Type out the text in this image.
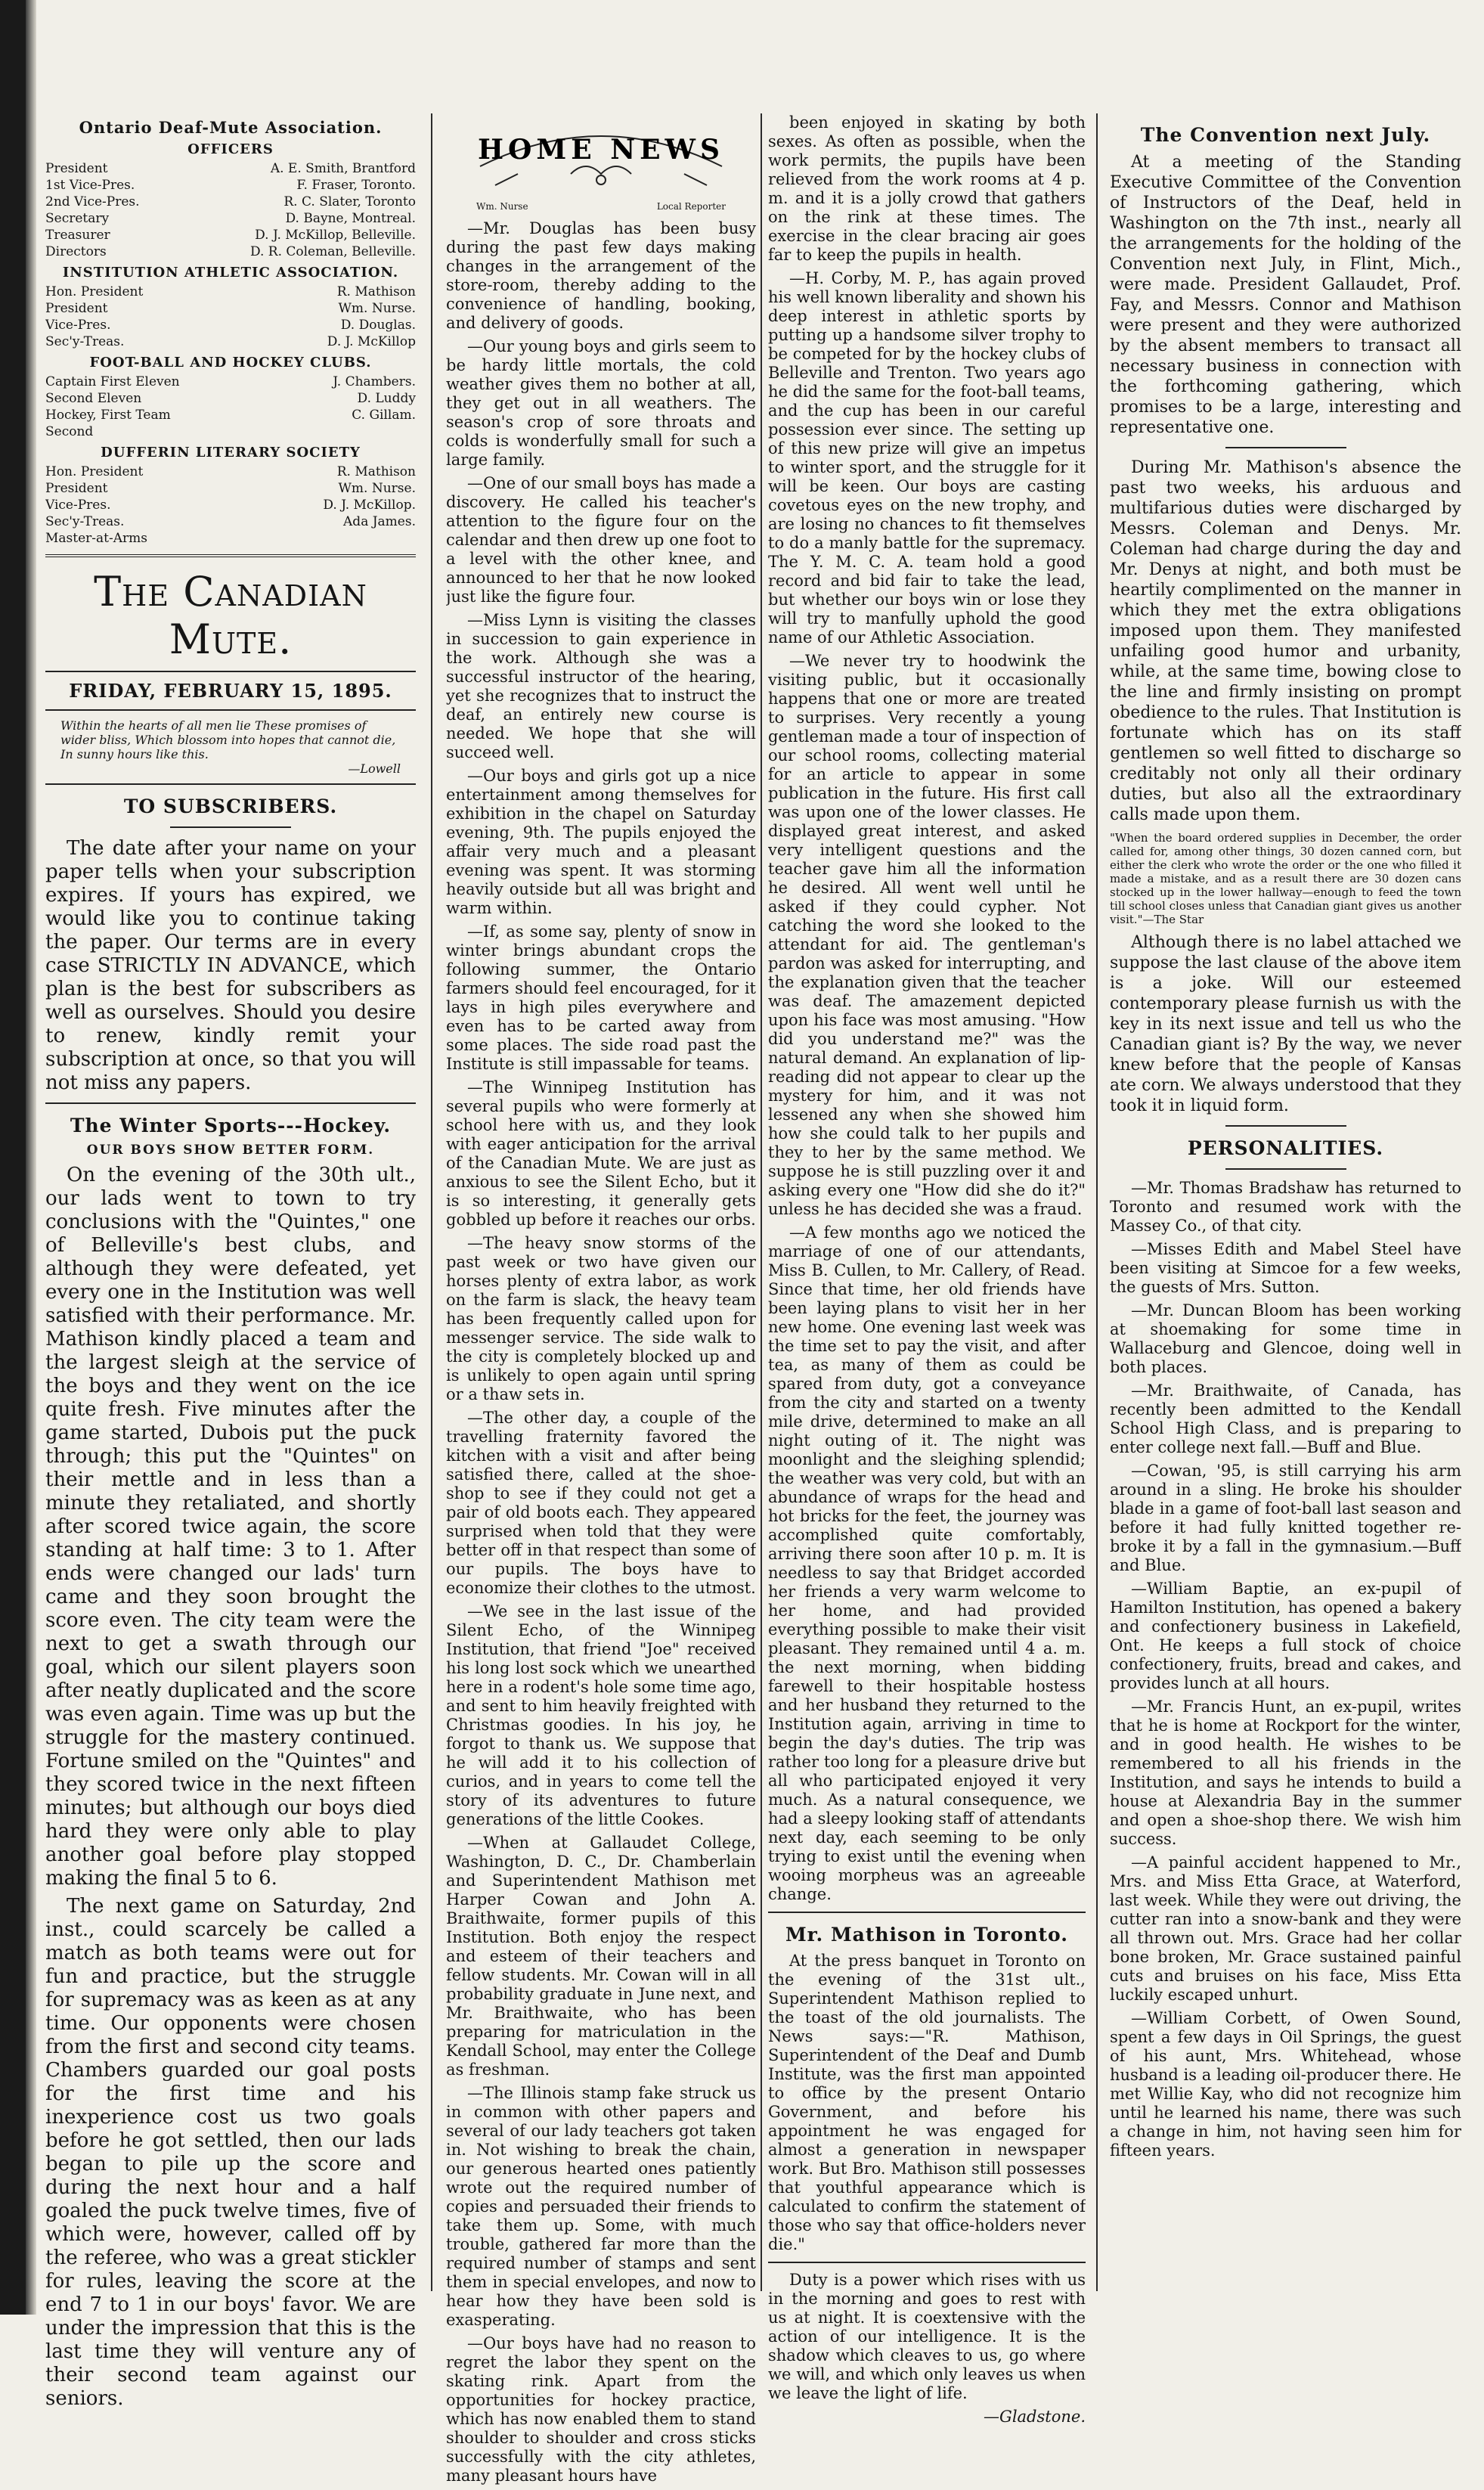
Ontario Deaf-Mute Association.
OFFICERS
President	A. E. Smith, Brantford
1st Vice-Pres.	F. Fraser, Toronto.
2nd Vice-Pres.	R. C. Slater, Toronto
Secretary	D. Bayne, Montreal.
Treasurer	D. J. McKillop, Belleville.
Directors	D. R. Coleman, Belleville.
INSTITUTION ATHLETIC ASSOCIATION.
Hon. President	R. Mathison
President	Wm. Nurse.
Vice-Pres.	D. Douglas.
Sec'y-Treas.	D. J. McKillop
FOOT-BALL AND HOCKEY CLUBS.
Captain First Eleven	J. Chambers.
Second Eleven	D. Luddy
Hockey, First Team	C. Gillam.
Second
DUFFERIN LITERARY SOCIETY
Hon. President	R. Mathison
President	Wm. Nurse.
Vice-Pres.	D. J. McKillop.
Sec'y-Treas.	Ada James.
Master-at-Arms
The Canadian Mute.
FRIDAY, FEBRUARY 15, 1895.
Within the hearts of all men lie These promises of wider bliss, Which blossom into hopes that cannot die, In sunny hours like this.
—Lowell
TO SUBSCRIBERS.

The date after your name on your paper tells when your subscription expires. If yours has expired, we would like you to continue taking the paper. Our terms are in every case STRICTLY IN ADVANCE, which plan is the best for subscribers as well as ourselves. Should you desire to renew, kindly remit your subscription at once, so that you will not miss any papers.

The Winter Sports---Hockey.
OUR BOYS SHOW BETTER FORM.

On the evening of the 30th ult., our lads went to town to try conclusions with the "Quintes," one of Belleville's best clubs, and although they were defeated, yet every one in the Institution was well satisfied with their performance. Mr. Mathison kindly placed a team and the largest sleigh at the service of the boys and they went on the ice quite fresh. Five minutes after the game started, Dubois put the puck through; this put the "Quintes" on their mettle and in less than a minute they retaliated, and shortly after scored twice again, the score standing at half time: 3 to 1. After ends were changed our lads' turn came and they soon brought the score even. The city team were the next to get a swath through our goal, which our silent players soon after neatly duplicated and the score was even again. Time was up but the struggle for the mastery continued. Fortune smiled on the "Quintes" and they scored twice in the next fifteen minutes; but although our boys died hard they were only able to play another goal before play stopped making the final 5 to 6.

The next game on Saturday, 2nd inst., could scarcely be called a match as both teams were out for fun and practice, but the struggle for supremacy was as keen as at any time. Our opponents were chosen from the first and second city teams. Chambers guarded our goal posts for the first time and his inexperience cost us two goals before he got settled, then our lads began to pile up the score and during the next hour and a half goaled the puck twelve times, five of which were, however, called off by the referee, who was a great stickler for rules, leaving the score at the end 7 to 1 in our boys' favor. We are under the impression that this is the last time they will venture any of their second team against our seniors.

HOME NEWS
Wm. Nurse	Local Reporter

—Mr. Douglas has been busy during the past few days making changes in the arrangement of the store-room, thereby adding to the convenience of handling, booking, and delivery of goods.

—Our young boys and girls seem to be hardy little mortals, the cold weather gives them no bother at all, they get out in all weathers. The season's crop of sore throats and colds is wonderfully small for such a large family.

—One of our small boys has made a discovery. He called his teacher's attention to the figure four on the calendar and then drew up one foot to a level with the other knee, and announced to her that he now looked just like the figure four.

—Miss Lynn is visiting the classes in succession to gain experience in the work. Although she was a successful instructor of the hearing, yet she recognizes that to instruct the deaf, an entirely new course is needed. We hope that she will succeed well.

—Our boys and girls got up a nice entertainment among themselves for exhibition in the chapel on Saturday evening, 9th. The pupils enjoyed the affair very much and a pleasant evening was spent. It was storming heavily outside but all was bright and warm within.

—If, as some say, plenty of snow in winter brings abundant crops the following summer, the Ontario farmers should feel encouraged, for it lays in high piles everywhere and even has to be carted away from some places. The side road past the Institute is still impassable for teams.

—The Winnipeg Institution has several pupils who were formerly at school here with us, and they look with eager anticipation for the arrival of the Canadian Mute. We are just as anxious to see the Silent Echo, but it is so interesting, it generally gets gobbled up before it reaches our orbs.

—The heavy snow storms of the past week or two have given our horses plenty of extra labor, as work on the farm is slack, the heavy team has been frequently called upon for messenger service. The side walk to the city is completely blocked up and is unlikely to open again until spring or a thaw sets in.

—The other day, a couple of the travelling fraternity favored the kitchen with a visit and after being satisfied there, called at the shoe-shop to see if they could not get a pair of old boots each. They appeared surprised when told that they were better off in that respect than some of our pupils. The boys have to economize their clothes to the utmost.

—We see in the last issue of the Silent Echo, of the Winnipeg Institution, that friend "Joe" received his long lost sock which we unearthed here in a rodent's hole some time ago, and sent to him heavily freighted with Christmas goodies. In his joy, he forgot to thank us. We suppose that he will add it to his collection of curios, and in years to come tell the story of its adventures to future generations of the little Cookes.

—When at Gallaudet College, Washington, D. C., Dr. Chamberlain and Superintendent Mathison met Harper Cowan and John A. Braithwaite, former pupils of this Institution. Both enjoy the respect and esteem of their teachers and fellow students. Mr. Cowan will in all probability graduate in June next, and Mr. Braithwaite, who has been preparing for matriculation in the Kendall School, may enter the College as freshman.

—The Illinois stamp fake struck us in common with other papers and several of our lady teachers got taken in. Not wishing to break the chain, our generous hearted ones patiently wrote out the required number of copies and persuaded their friends to take them up. Some, with much trouble, gathered far more than the required number of stamps and sent them in special envelopes, and now to hear how they have been sold is exasperating.

—Our boys have had no reason to regret the labor they spent on the skating rink. Apart from the opportunities for hockey practice, which has now enabled them to stand shoulder to shoulder and cross sticks successfully with the city athletes, many pleasant hours have

been enjoyed in skating by both sexes. As often as possible, when the work permits, the pupils have been relieved from the work rooms at 4 p. m. and it is a jolly crowd that gathers on the rink at these times. The exercise in the clear bracing air goes far to keep the pupils in health.

—H. Corby, M. P., has again proved his well known liberality and shown his deep interest in athletic sports by putting up a handsome silver trophy to be competed for by the hockey clubs of Belleville and Trenton. Two years ago he did the same for the foot-ball teams, and the cup has been in our careful possession ever since. The setting up of this new prize will give an impetus to winter sport, and the struggle for it will be keen. Our boys are casting covetous eyes on the new trophy, and are losing no chances to fit themselves to do a manly battle for the supremacy. The Y. M. C. A. team hold a good record and bid fair to take the lead, but whether our boys win or lose they will try to manfully uphold the good name of our Athletic Association.

—We never try to hoodwink the visiting public, but it occasionally happens that one or more are treated to surprises. Very recently a young gentleman made a tour of inspection of our school rooms, collecting material for an article to appear in some publication in the future. His first call was upon one of the lower classes. He displayed great interest, and asked very intelligent questions and the teacher gave him all the information he desired. All went well until he asked if they could cypher. Not catching the word she looked to the attendant for aid. The gentleman's pardon was asked for interrupting, and the explanation given that the teacher was deaf. The amazement depicted upon his face was most amusing. "How did you understand me?" was the natural demand. An explanation of lip-reading did not appear to clear up the mystery for him, and it was not lessened any when she showed him how she could talk to her pupils and they to her by the same method. We suppose he is still puzzling over it and asking every one "How did she do it?" unless he has decided she was a fraud.

—A few months ago we noticed the marriage of one of our attendants, Miss B. Cullen, to Mr. Callery, of Read. Since that time, her old friends have been laying plans to visit her in her new home. One evening last week was the time set to pay the visit, and after tea, as many of them as could be spared from duty, got a conveyance from the city and started on a twenty mile drive, determined to make an all night outing of it. The night was moonlight and the sleighing splendid; the weather was very cold, but with an abundance of wraps for the head and hot bricks for the feet, the journey was accomplished quite comfortably, arriving there soon after 10 p. m. It is needless to say that Bridget accorded her friends a very warm welcome to her home, and had provided everything possible to make their visit pleasant. They remained until 4 a. m. the next morning, when bidding farewell to their hospitable hostess and her husband they returned to the Institution again, arriving in time to begin the day's duties. The trip was rather too long for a pleasure drive but all who participated enjoyed it very much. As a natural consequence, we had a sleepy looking staff of attendants next day, each seeming to be only trying to exist until the evening when wooing morpheus was an agreeable change.

Mr. Mathison in Toronto.

At the press banquet in Toronto on the evening of the 31st ult., Superintendent Mathison replied to the toast of the old journalists. The News says:—"R. Mathison, Superintendent of the Deaf and Dumb Institute, was the first man appointed to office by the present Ontario Government, and before his appointment he was engaged for almost a generation in newspaper work. But Bro. Mathison still possesses that youthful appearance which is calculated to confirm the statement of those who say that office-holders never die."

Duty is a power which rises with us in the morning and goes to rest with us at night. It is coextensive with the action of our intelligence. It is the shadow which cleaves to us, go where we will, and which only leaves us when we leave the light of life.

—Gladstone.

The Convention next July.

At a meeting of the Standing Executive Committee of the Convention of Instructors of the Deaf, held in Washington on the 7th inst., nearly all the arrangements for the holding of the Convention next July, in Flint, Mich., were made. President Gallaudet, Prof. Fay, and Messrs. Connor and Mathison were present and they were authorized by the absent members to transact all necessary business in connection with the forthcoming gathering, which promises to be a large, interesting and representative one.

During Mr. Mathison's absence the past two weeks, his arduous and multifarious duties were discharged by Messrs. Coleman and Denys. Mr. Coleman had charge during the day and Mr. Denys at night, and both must be heartily complimented on the manner in which they met the extra obligations imposed upon them. They manifested unfailing good humor and urbanity, while, at the same time, bowing close to the line and firmly insisting on prompt obedience to the rules. That Institution is fortunate which has on its staff gentlemen so well fitted to discharge so creditably not only all their ordinary duties, but also all the extraordinary calls made upon them.

"When the board ordered supplies in December, the order called for, among other things, 30 dozen canned corn, but either the clerk who wrote the order or the one who filled it made a mistake, and as a result there are 30 dozen cans stocked up in the lower hallway—enough to feed the town till school closes unless that Canadian giant gives us another visit."—The Star

Although there is no label attached we suppose the last clause of the above item is a joke. Will our esteemed contemporary please furnish us with the key in its next issue and tell us who the Canadian giant is? By the way, we never knew before that the people of Kansas ate corn. We always understood that they took it in liquid form.

PERSONALITIES.

—Mr. Thomas Bradshaw has returned to Toronto and resumed work with the Massey Co., of that city.

—Misses Edith and Mabel Steel have been visiting at Simcoe for a few weeks, the guests of Mrs. Sutton.

—Mr. Duncan Bloom has been working at shoemaking for some time in Wallaceburg and Glencoe, doing well in both places.

—Mr. Braithwaite, of Canada, has recently been admitted to the Kendall School High Class, and is preparing to enter college next fall.—Buff and Blue.

—Cowan, '95, is still carrying his arm around in a sling. He broke his shoulder blade in a game of foot-ball last season and before it had fully knitted together re-broke it by a fall in the gymnasium.—Buff and Blue.

—William Baptie, an ex-pupil of Hamilton Institution, has opened a bakery and confectionery business in Lakefield, Ont. He keeps a full stock of choice confectionery, fruits, bread and cakes, and provides lunch at all hours.

—Mr. Francis Hunt, an ex-pupil, writes that he is home at Rockport for the winter, and in good health. He wishes to be remembered to all his friends in the Institution, and says he intends to build a house at Alexandria Bay in the summer and open a shoe-shop there. We wish him success.

—A painful accident happened to Mr., Mrs. and Miss Etta Grace, at Waterford, last week. While they were out driving, the cutter ran into a snow-bank and they were all thrown out. Mrs. Grace had her collar bone broken, Mr. Grace sustained painful cuts and bruises on his face, Miss Etta luckily escaped unhurt.

—William Corbett, of Owen Sound, spent a few days in Oil Springs, the guest of his aunt, Mrs. Whitehead, whose husband is a leading oil-producer there. He met Willie Kay, who did not recognize him until he learned his name, there was such a change in him, not having seen him for fifteen years.
